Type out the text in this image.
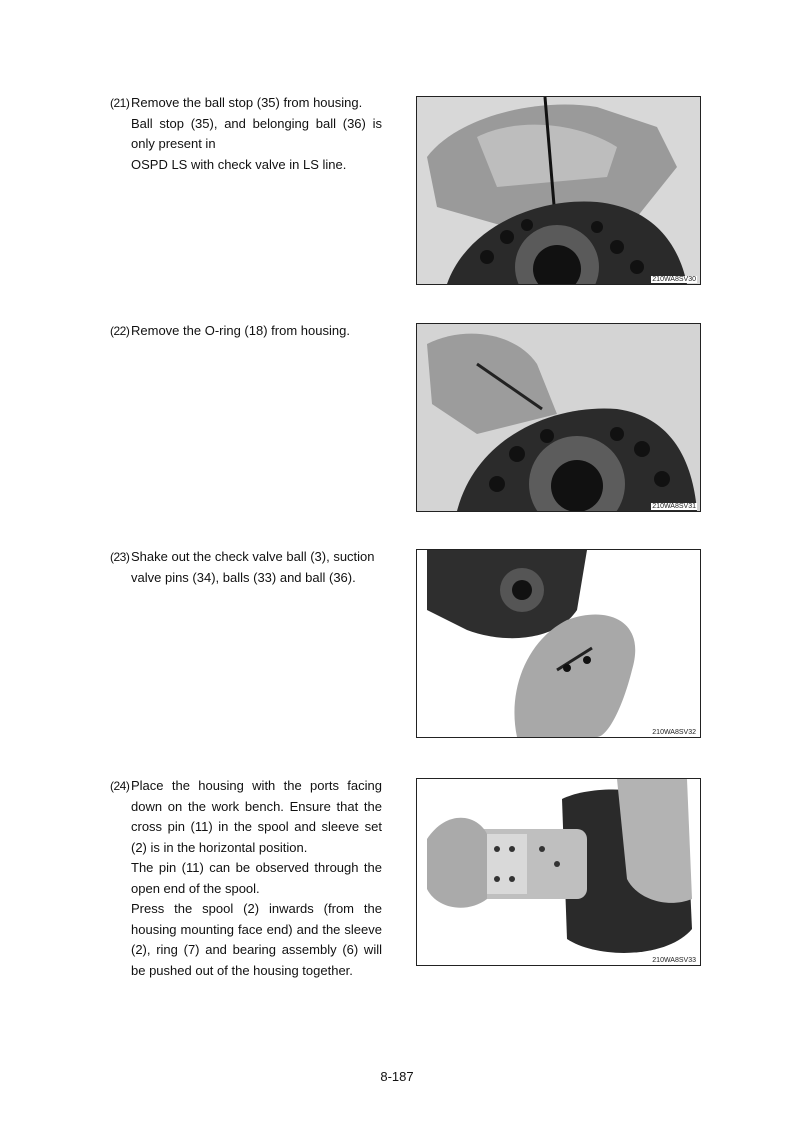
(21) Remove the ball stop (35) from housing.

Ball stop (35), and belonging ball (36) is only present in

OSPD LS with check valve in LS line.

210WA8SV30
(22) Remove the O-ring (18) from housing.

210WA8SV31
(23) Shake out the check valve ball (3), suction valve pins (34), balls (33) and ball (36).

210WA8SV32
(24) Place the housing with the ports facing down on the work bench. Ensure that the cross pin (11) in the spool and sleeve set (2) is in the horizontal position.

The pin (11) can be observed through the open end of the spool.

Press the spool (2) inwards (from the housing mounting face end) and the sleeve (2), ring (7) and bearing assembly (6) will be pushed out of the housing together.

210WA8SV33
8-187
